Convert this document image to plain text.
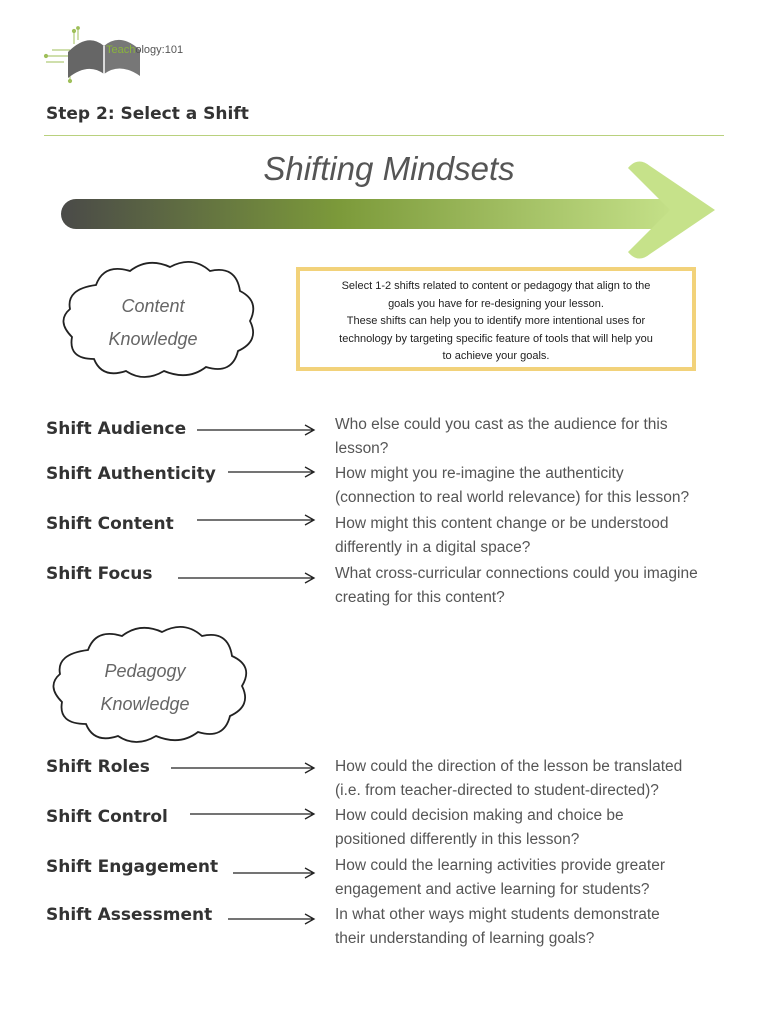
Teachology:101
Step 2: Select a Shift
Shifting Mindsets
Content
Knowledge
Select 1-2 shifts related to content or pedagogy that align to the
goals you have for re-designing your lesson.
These shifts can help you to identify more intentional uses for
technology by targeting specific feature of tools that will help you
to achieve your goals.
Shift Audience	Who else could you cast as the audience for this
lesson?
Shift Authenticity	How might you re-imagine the authenticity
(connection to real world relevance) for this lesson?
Shift Content	How might this content change or be understood
differently in a digital space?
Shift Focus	What cross-curricular connections could you imagine
creating for this content?
Pedagogy
Knowledge
Shift Roles	How could the direction of the lesson be translated
(i.e. from teacher-directed to student-directed)?
Shift Control	How could decision making and choice be
positioned differently in this lesson?
Shift Engagement	How could the learning activities provide greater
engagement and active learning for students?
Shift Assessment	In what other ways might students demonstrate
their understanding of learning goals?
